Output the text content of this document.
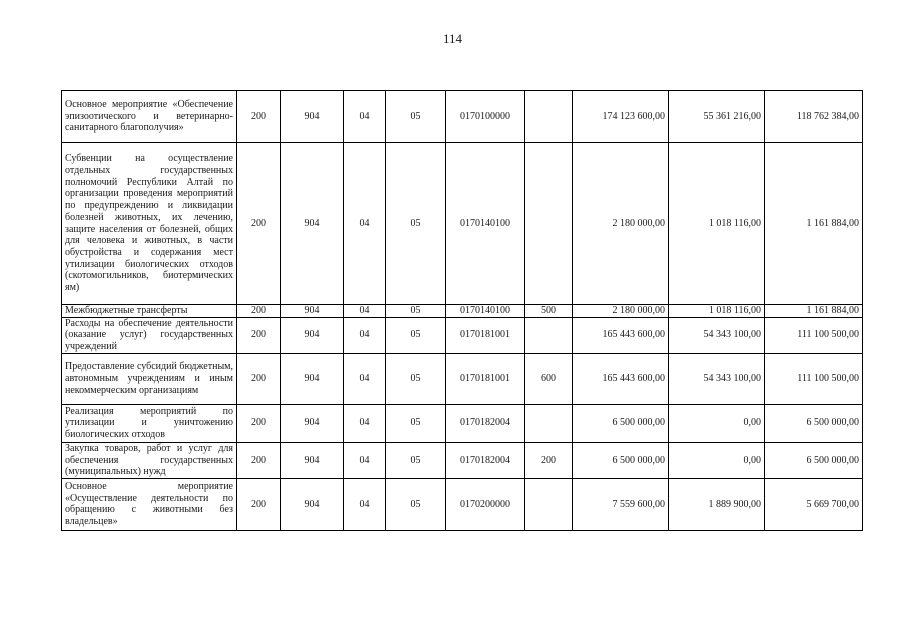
114
Основное мероприятие «Обеспечение эпизоотического и ветеринарно-санитарного благополучия»	200	904	04	05	0170100000		174 123 600,00	55 361 216,00	118 762 384,00
Субвенции на осуществление отдельных государственных полномочий Республики Алтай по организации проведения мероприятий по предупреждению и ликвидации болезней животных, их лечению, защите населения от болезней, общих для человека и животных, в части обустройства и содержания мест утилизации биологических отходов (скотомогильников, биотермических ям)	200	904	04	05	0170140100		2 180 000,00	1 018 116,00	1 161 884,00
Межбюджетные трансферты	200	904	04	05	0170140100	500	2 180 000,00	1 018 116,00	1 161 884,00
Расходы на обеспечение деятельности (оказание услуг) государственных учреждений	200	904	04	05	0170181001		165 443 600,00	54 343 100,00	111 100 500,00
Предоставление субсидий бюджетным, автономным учреждениям и иным некоммерческим организациям	200	904	04	05	0170181001	600	165 443 600,00	54 343 100,00	111 100 500,00
Реализация мероприятий по утилизации и уничтожению биологических отходов	200	904	04	05	0170182004		6 500 000,00	0,00	6 500 000,00
Закупка товаров, работ и услуг для обеспечения государственных (муниципальных) нужд	200	904	04	05	0170182004	200	6 500 000,00	0,00	6 500 000,00
Основное мероприятие «Осуществление деятельности по обращению с животными без владельцев»	200	904	04	05	0170200000		7 559 600,00	1 889 900,00	5 669 700,00
